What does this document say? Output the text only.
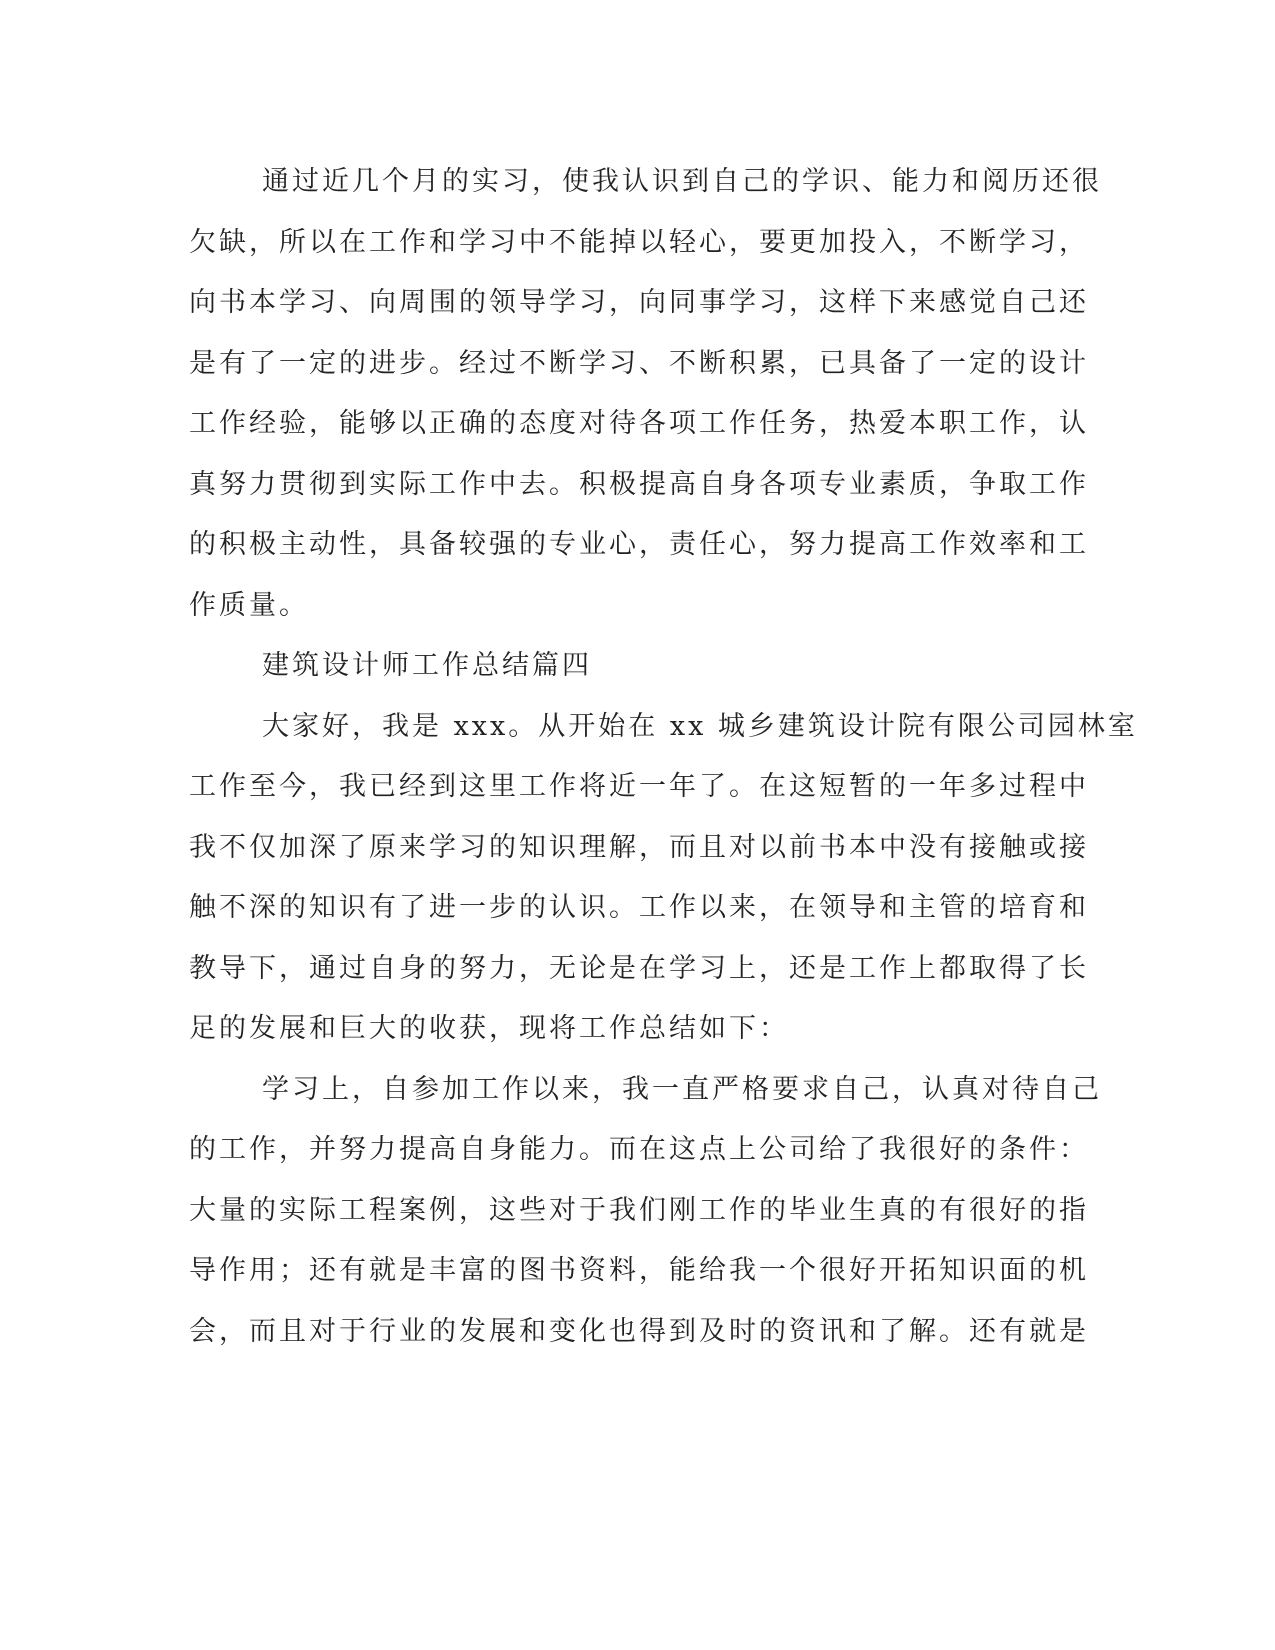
通过近几个月的实习，使我认识到自己的学识、能力和阅历还很
欠缺，所以在工作和学习中不能掉以轻心，要更加投入，不断学习，
向书本学习、向周围的领导学习，向同事学习，这样下来感觉自己还
是有了一定的进步。经过不断学习、不断积累，已具备了一定的设计
工作经验，能够以正确的态度对待各项工作任务，热爱本职工作，认
真努力贯彻到实际工作中去。积极提高自身各项专业素质，争取工作
的积极主动性，具备较强的专业心，责任心，努力提高工作效率和工
作质量。
建筑设计师工作总结篇四
大家好，我是 xxx。从开始在 xx 城乡建筑设计院有限公司园林室
工作至今，我已经到这里工作将近一年了。在这短暂的一年多过程中
我不仅加深了原来学习的知识理解，而且对以前书本中没有接触或接
触不深的知识有了进一步的认识。工作以来，在领导和主管的培育和
教导下，通过自身的努力，无论是在学习上，还是工作上都取得了长
足的发展和巨大的收获，现将工作总结如下：
学习上，自参加工作以来，我一直严格要求自己，认真对待自己
的工作，并努力提高自身能力。而在这点上公司给了我很好的条件：
大量的实际工程案例，这些对于我们刚工作的毕业生真的有很好的指
导作用；还有就是丰富的图书资料，能给我一个很好开拓知识面的机
会，而且对于行业的发展和变化也得到及时的资讯和了解。还有就是
